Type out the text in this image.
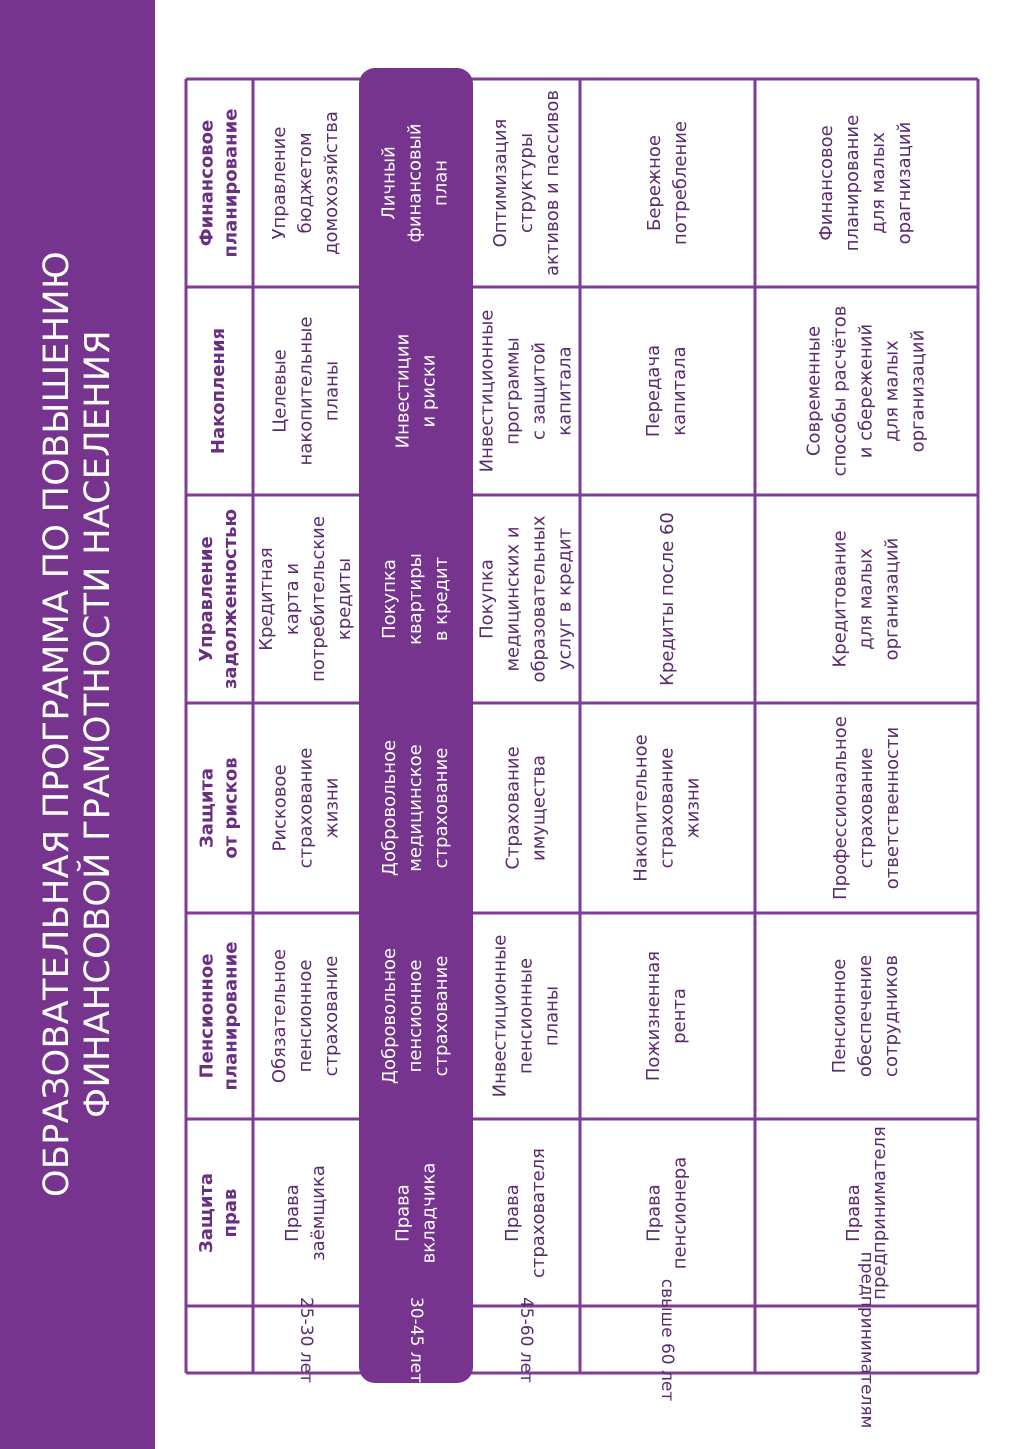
ОБРАЗОВАТЕЛЬНАЯ ПРОГРАММА ПО ПОВЫШЕНИЮ ФИНАНСОВОЙ ГРАМОТНОСТИ НАСЕЛЕНИЯ
Финансовое
планирование
Накопления
Управление
задолженностью
Защита
от рисков
Пенсионное
планирование
Защита
прав
Управление
бюджетом
домохозяйства
Целевые
накопительные
планы
Кредитная
карта и
потребительские
кредиты
Рисковое
страхование
жизни
Обязательное
пенсионное
страхование
Права
заёмщика
25-30 лет
Личный
финансовый
план
Инвестиции
и риски
Покупка
квартиры
в кредит
Добровольное
медицинское
страхование
Добровольное
пенсионное
страхование
Права
вкладчика
30-45 лет
Оптимизация
структуры
активов и пассивов
Инвестиционные
программы
с защитой
капитала
Покупка
медицинских и
образовательных
услуг в кредит
Страхование
имущества
Инвестиционные
пенсионные
планы
Права
страхователя
45-60 лет
Бережное
потребление
Передача
капитала
Кредиты после 60
Накопительное
страхование
жизни
Пожизненная
рента
Права
пенсионера
свыше 60 лет
Финансовое
планирование
для малых
орагнизаций
Современные
способы расчётов
и сбережений
для малых
организаций
Кредитование
для малых
организаций
Профессиональное
страхование
ответственности
Пенсионное
обеспечение
сотрудников
Права
предпринимателя
предпринимателям
